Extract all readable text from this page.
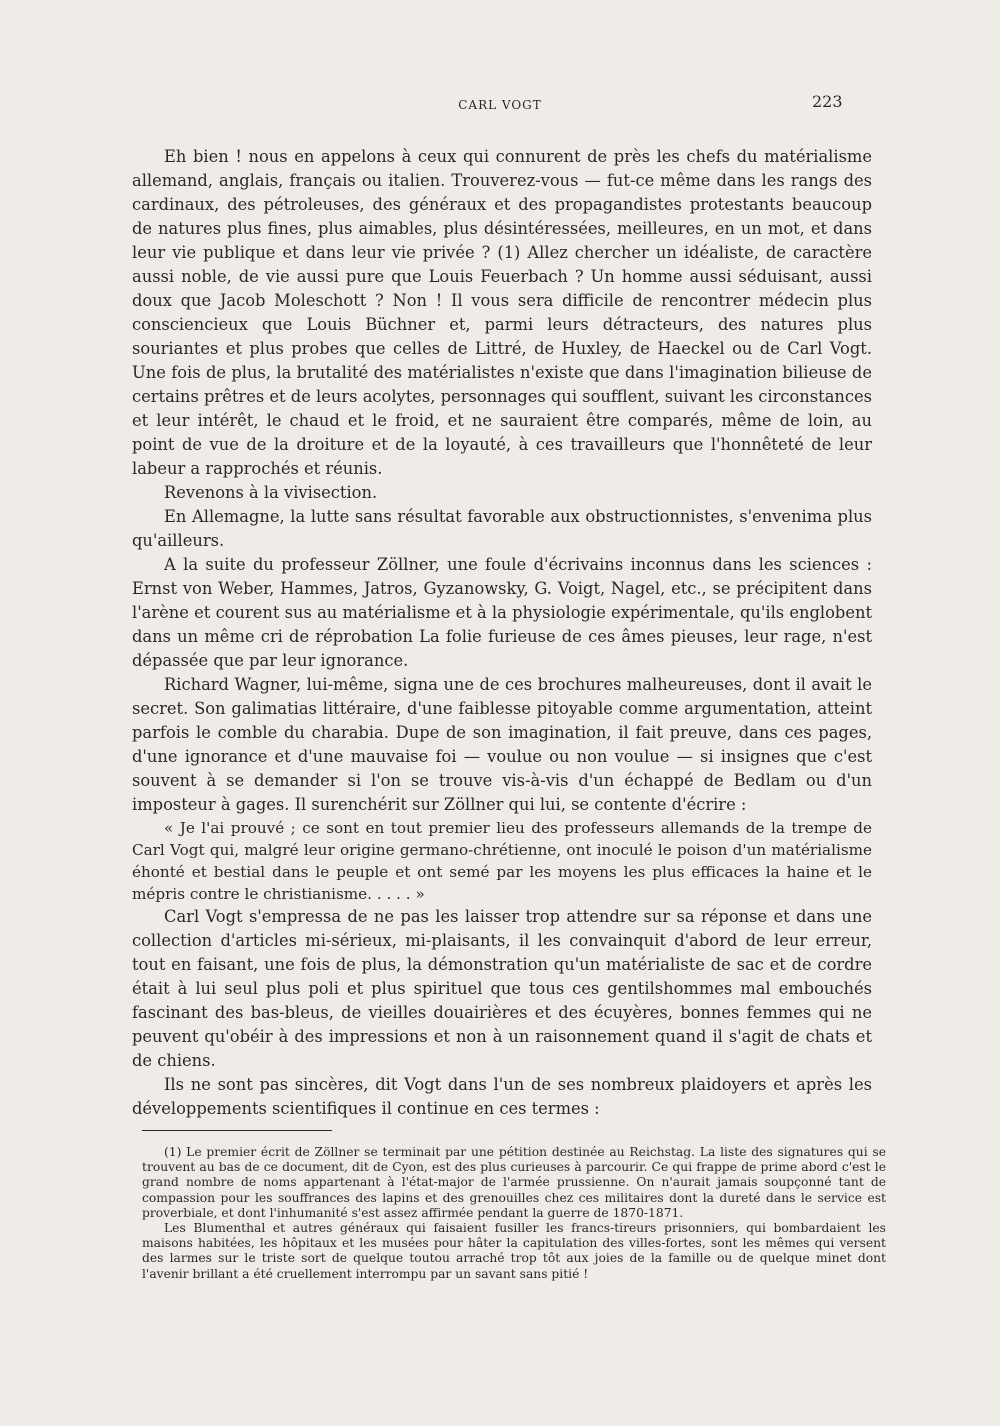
CARL VOGT	223

Eh bien ! nous en appelons à ceux qui connurent de près les chefs du matérialisme allemand, anglais, français ou italien. Trouverez-vous — fut-ce même dans les rangs des cardinaux, des pétroleuses, des généraux et des propagandistes protestants beaucoup de natures plus fines, plus aimables, plus désintéressées, meilleures, en un mot, et dans leur vie publique et dans leur vie privée ? (1) Allez chercher un idéaliste, de caractère aussi noble, de vie aussi pure que Louis Feuerbach ? Un homme aussi séduisant, aussi doux que Jacob Moleschott ? Non ! Il vous sera difficile de rencontrer médecin plus consciencieux que Louis Büchner et, parmi leurs détracteurs, des natures plus souriantes et plus probes que celles de Littré, de Huxley, de Haeckel ou de Carl Vogt. Une fois de plus, la brutalité des matérialistes n'existe que dans l'imagination bilieuse de certains prêtres et de leurs acolytes, personnages qui soufflent, suivant les circonstances et leur intérêt, le chaud et le froid, et ne sauraient être comparés, même de loin, au point de vue de la droiture et de la loyauté, à ces travailleurs que l'honnêteté de leur labeur a rapprochés et réunis.

Revenons à la vivisection.

En Allemagne, la lutte sans résultat favorable aux obstructionnistes, s'envenima plus qu'ailleurs.

A la suite du professeur Zöllner, une foule d'écrivains inconnus dans les sciences : Ernst von Weber, Hammes, Jatros, Gyzanowsky, G. Voigt, Nagel, etc., se précipitent dans l'arène et courent sus au matérialisme et à la physiologie expérimentale, qu'ils englobent dans un même cri de réprobation La folie furieuse de ces âmes pieuses, leur rage, n'est dépassée que par leur ignorance.

Richard Wagner, lui-même, signa une de ces brochures malheureuses, dont il avait le secret. Son galimatias littéraire, d'une faiblesse pitoyable comme argumentation, atteint parfois le comble du charabia. Dupe de son imagination, il fait preuve, dans ces pages, d'une ignorance et d'une mauvaise foi — voulue ou non voulue — si insignes que c'est souvent à se demander si l'on se trouve vis-à-vis d'un échappé de Bedlam ou d'un imposteur à gages. Il surenchérit sur Zöllner qui lui, se contente d'écrire :

« Je l'ai prouvé ; ce sont en tout premier lieu des professeurs allemands de la trempe de Carl Vogt qui, malgré leur origine germano-chrétienne, ont inoculé le poison d'un matérialisme éhonté et bestial dans le peuple et ont semé par les moyens les plus efficaces la haine et le mépris contre le christianisme. . . . . »

Carl Vogt s'empressa de ne pas les laisser trop attendre sur sa réponse et dans une collection d'articles mi-sérieux, mi-plaisants, il les convainquit d'abord de leur erreur, tout en faisant, une fois de plus, la démonstration qu'un matérialiste de sac et de cordre était à lui seul plus poli et plus spirituel que tous ces gentilshommes mal embouchés fascinant des bas-bleus, de vieilles douairières et des écuyères, bonnes femmes qui ne peuvent qu'obéir à des impressions et non à un raisonnement quand il s'agit de chats et de chiens.

Ils ne sont pas sincères, dit Vogt dans l'un de ses nombreux plaidoyers et après les développements scientifiques il continue en ces termes :

(1) Le premier écrit de Zöllner se terminait par une pétition destinée au Reichstag. La liste des signatures qui se trouvent au bas de ce document, dit de Cyon, est des plus curieuses à parcourir. Ce qui frappe de prime abord c'est le grand nombre de noms appartenant à l'état-major de l'armée prussienne. On n'aurait jamais soupçonné tant de compassion pour les souffrances des lapins et des grenouilles chez ces militaires dont la dureté dans le service est proverbiale, et dont l'inhumanité s'est assez affirmée pendant la guerre de 1870-1871.

Les Blumenthal et autres généraux qui faisaient fusiller les francs-tireurs prisonniers, qui bombardaient les maisons habitées, les hôpitaux et les musées pour hâter la capitulation des villes-fortes, sont les mêmes qui versent des larmes sur le triste sort de quelque toutou arraché trop tôt aux joies de la famille ou de quelque minet dont l'avenir brillant a été cruellement interrompu par un savant sans pitié !
